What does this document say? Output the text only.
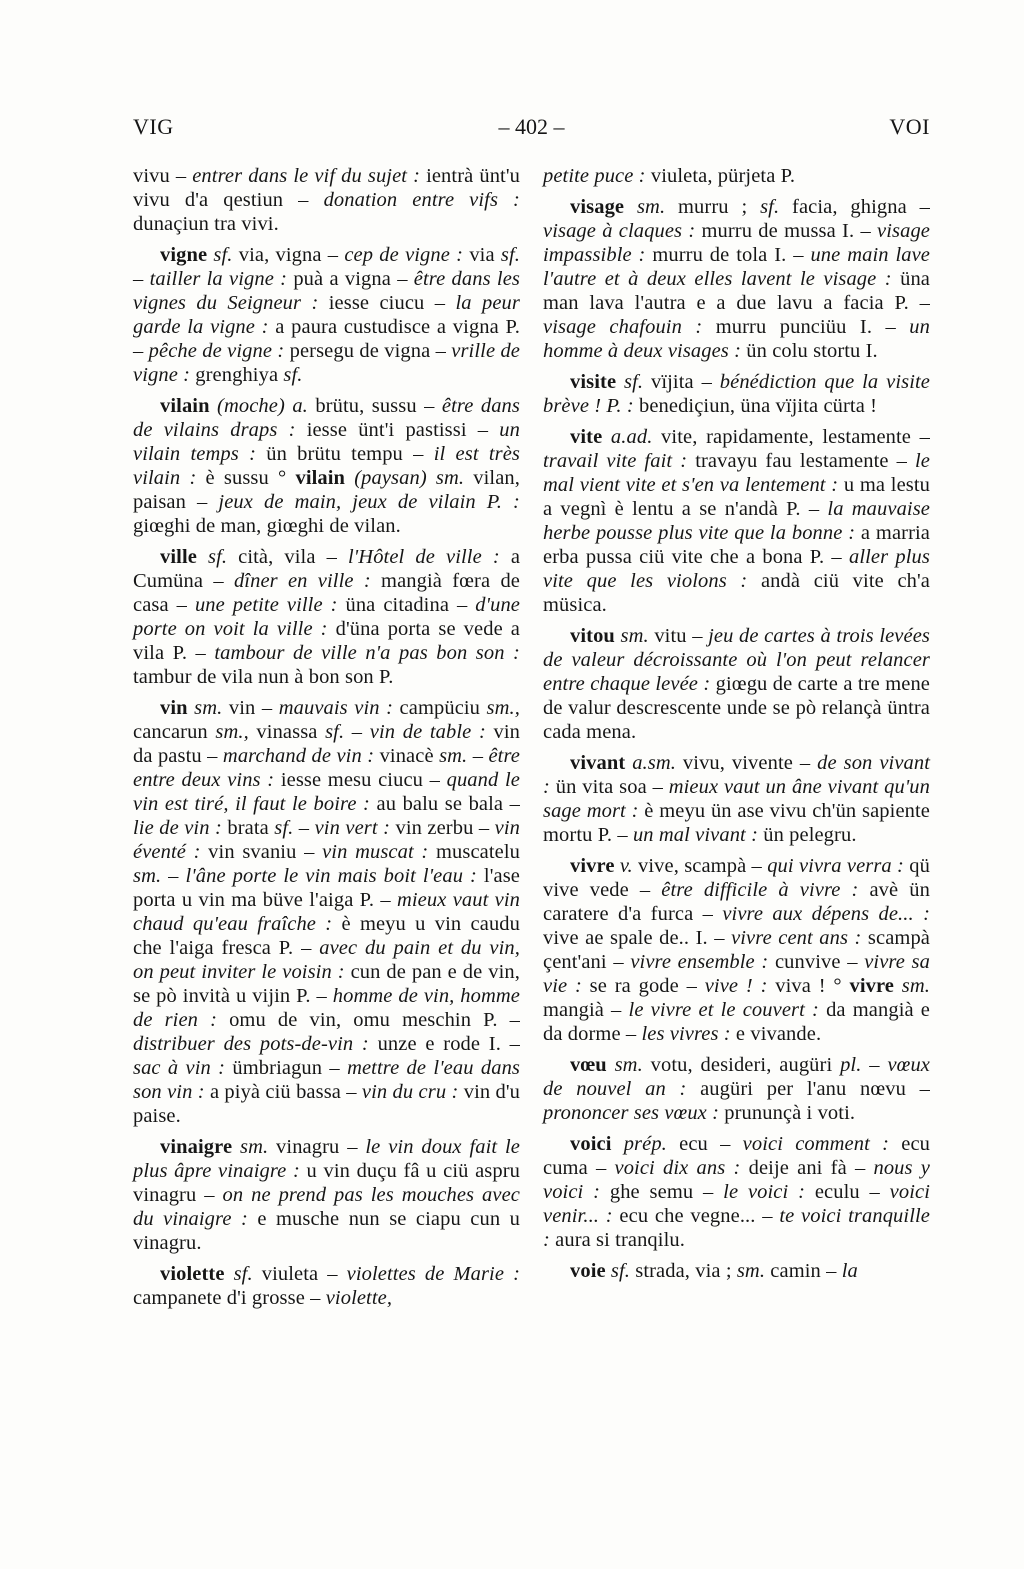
VIG	– 402 –	VOI

vivu – entrer dans le vif du sujet : ientrà ünt'u vivu d'a qestiun – donation entre vifs : dunaçiun tra vivi.

vigne sf. via, vigna – cep de vigne : via sf. – tailler la vigne : puà a vigna – être dans les vignes du Seigneur : iesse ciucu – la peur garde la vigne : a paura custudisce a vigna P. – pêche de vigne : persegu de vigna – vrille de vigne : grenghiya sf.

vilain (moche) a. brütu, sussu – être dans de vilains draps : iesse ünt'i pastissi – un vilain temps : ün brütu tempu – il est très vilain : è sussu ° vilain (paysan) sm. vilan, paisan – jeux de main, jeux de vilain P. : giœghi de man, giœghi de vilan.

ville sf. cità, vila – l'Hôtel de ville : a Cumüna – dîner en ville : mangià fœra de casa – une petite ville : üna citadina – d'une porte on voit la ville : d'üna porta se vede a vila P. – tambour de ville n'a pas bon son : tambur de vila nun à bon son P.

vin sm. vin – mauvais vin : campüciu sm., cancarun sm., vinassa sf. – vin de table : vin da pastu – marchand de vin : vinacè sm. – être entre deux vins : iesse mesu ciucu – quand le vin est tiré, il faut le boire : au balu se bala – lie de vin : brata sf. – vin vert : vin zerbu – vin éventé : vin svaniu – vin muscat : muscatelu sm. – l'âne porte le vin mais boit l'eau : l'ase porta u vin ma büve l'aiga P. – mieux vaut vin chaud qu'eau fraîche : è meyu u vin caudu che l'aiga fresca P. – avec du pain et du vin, on peut inviter le voisin : cun de pan e de vin, se pò invità u vijin P. – homme de vin, homme de rien : omu de vin, omu meschin P. – distribuer des pots-de-vin : unze e rode I. – sac à vin : ümbriagun – mettre de l'eau dans son vin : a piyà ciü bassa – vin du cru : vin d'u paise.

vinaigre sm. vinagru – le vin doux fait le plus âpre vinaigre : u vin duçu fâ u ciü aspru vinagru – on ne prend pas les mouches avec du vinaigre : e musche nun se ciapu cun u vinagru.

violette sf. viuleta – violettes de Marie : campanete d'i grosse – violette,

petite puce : viuleta, pürjeta P.

visage sm. murru ; sf. facia, ghigna – visage à claques : murru de mussa I. – visage impassible : murru de tola I. – une main lave l'autre et à deux elles lavent le visage : üna man lava l'autra e a due lavu a facia P. – visage chafouin : murru punciüu I. – un homme à deux visages : ün colu stortu I.

visite sf. vïjita – bénédiction que la visite brève ! P. : benediçiun, üna vïjita cürta !

vite a.ad. vite, rapidamente, lestamente – travail vite fait : travayu fau lestamente – le mal vient vite et s'en va lentement : u ma lestu a vegnì è lentu a se n'andà P. – la mauvaise herbe pousse plus vite que la bonne : a marria erba pussa ciü vite che a bona P. – aller plus vite que les violons : andà ciü vite ch'a müsica.

vitou sm. vitu – jeu de cartes à trois levées de valeur décroissante où l'on peut relancer entre chaque levée : giœgu de carte a tre mene de valur descrescente unde se pò relançà üntra cada mena.

vivant a.sm. vivu, vivente – de son vivant : ün vita soa – mieux vaut un âne vivant qu'un sage mort : è meyu ün ase vivu ch'ün sapiente mortu P. – un mal vivant : ün pelegru.

vivre v. vive, scampà – qui vivra verra : qü vive vede – être difficile à vivre : avè ün caratere d'a furca – vivre aux dépens de... : vive ae spale de.. I. – vivre cent ans : scampà çent'ani – vivre ensemble : cunvive – vivre sa vie : se ra gode – vive ! : viva ! ° vivre sm. mangià – le vivre et le couvert : da mangià e da dorme – les vivres : e vivande.

vœu sm. votu, desideri, augüri pl. – vœux de nouvel an : augüri per l'anu nœvu – prononcer ses vœux : prununçà i voti.

voici prép. ecu – voici comment : ecu cuma – voici dix ans : deije ani fà – nous y voici : ghe semu – le voici : eculu – voici venir... : ecu che vegne... – te voici tranquille : aura si tranqilu.

voie sf. strada, via ; sm. camin – la
